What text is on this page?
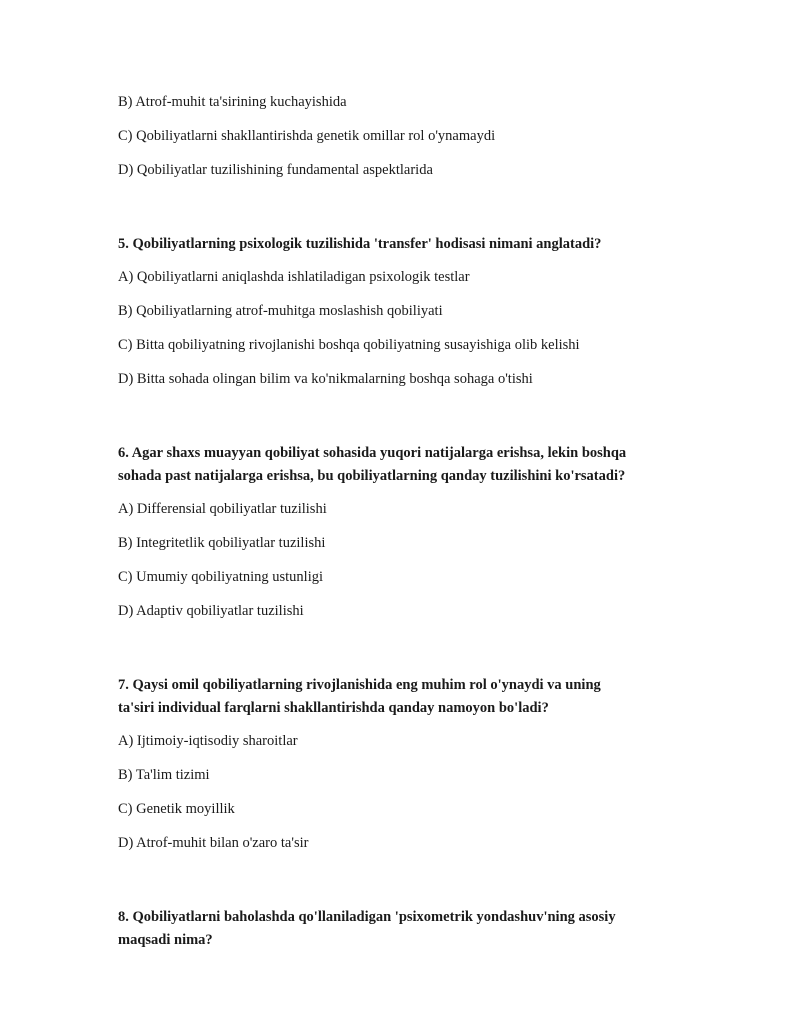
B) Atrof-muhit ta'sirining kuchayishida
C) Qobiliyatlarni shakllantirishda genetik omillar rol o'ynamaydi
D) Qobiliyatlar tuzilishining fundamental aspektlarida
5. Qobiliyatlarning psixologik tuzilishida 'transfer' hodisasi nimani anglatadi?
A) Qobiliyatlarni aniqlashda ishlatiladigan psixologik testlar
B) Qobiliyatlarning atrof-muhitga moslashish qobiliyati
C) Bitta qobiliyatning rivojlanishi boshqa qobiliyatning susayishiga olib kelishi
D) Bitta sohada olingan bilim va ko'nikmalarning boshqa sohaga o'tishi
6. Agar shaxs muayyan qobiliyat sohasida yuqori natijalarga erishsa, lekin boshqa
sohada past natijalarga erishsa, bu qobiliyatlarning qanday tuzilishini ko'rsatadi?
A) Differensial qobiliyatlar tuzilishi
B) Integritetlik qobiliyatlar tuzilishi
C) Umumiy qobiliyatning ustunligi
D) Adaptiv qobiliyatlar tuzilishi
7. Qaysi omil qobiliyatlarning rivojlanishida eng muhim rol o'ynaydi va uning
ta'siri individual farqlarni shakllantirishda qanday namoyon bo'ladi?
A) Ijtimoiy-iqtisodiy sharoitlar
B) Ta'lim tizimi
C) Genetik moyillik
D) Atrof-muhit bilan o'zaro ta'sir
8. Qobiliyatlarni baholashda qo'llaniladigan 'psixometrik yondashuv'ning asosiy
maqsadi nima?
